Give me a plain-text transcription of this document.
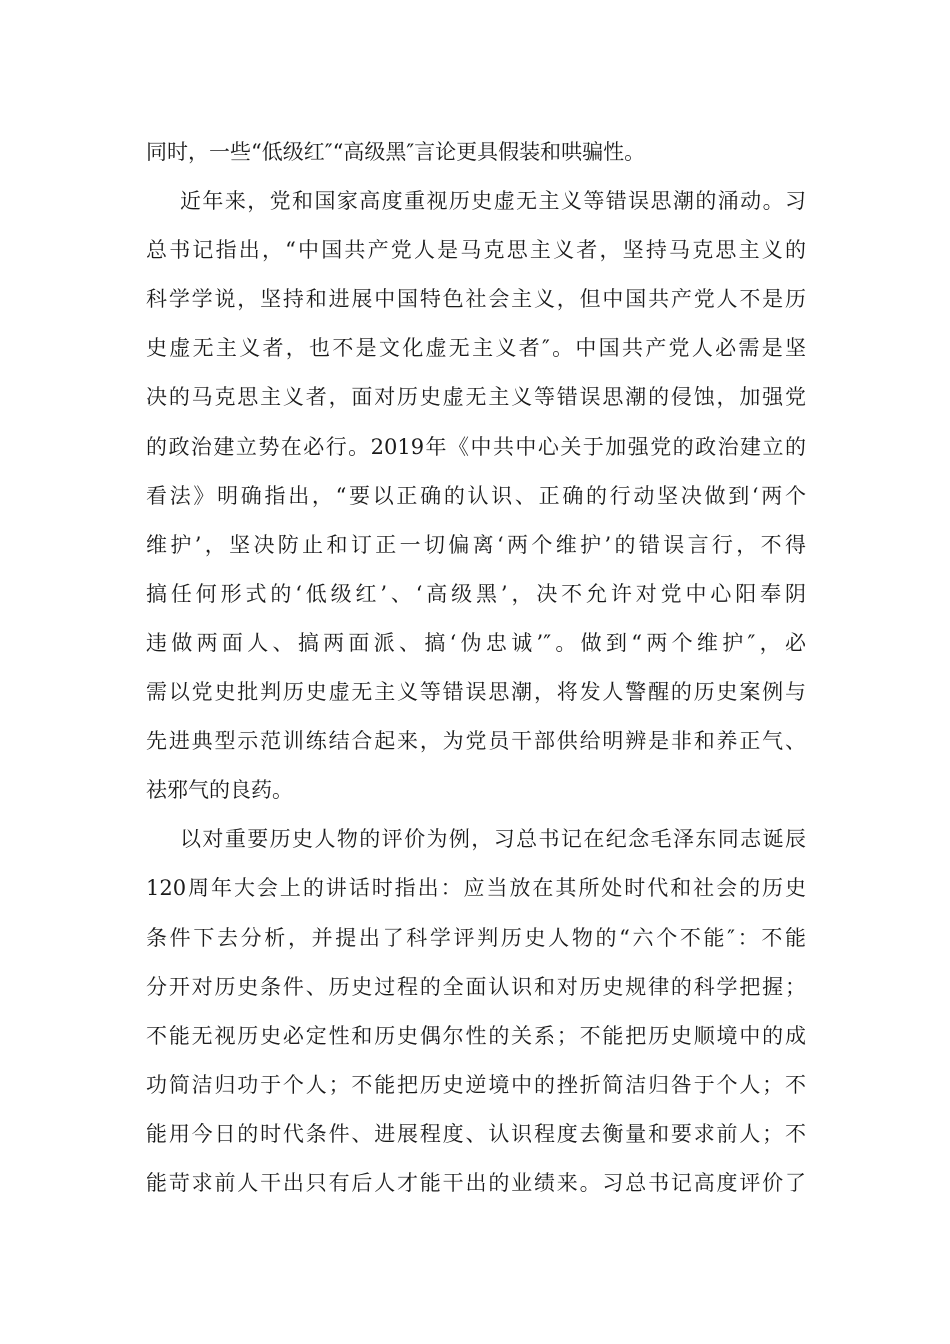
同时，一些“低级红″“高级黑″言论更具假装和哄骗性。
近年来，党和国家高度重视历史虚无主义等错误思潮的涌动。习
总书记指出，“中国共产党人是马克思主义者，坚持马克思主义的
科学学说，坚持和进展中国特色社会主义，但中国共产党人不是历
史虚无主义者，也不是文化虚无主义者″。中国共产党人必需是坚
决的马克思主义者，面对历史虚无主义等错误思潮的侵蚀，加强党
的政治建立势在必行。2019年《中共中心关于加强党的政治建立的
看法》明确指出，“要以正确的认识、正确的行动坚决做到‘两个
维护’，坚决防止和订正一切偏离‘两个维护’的错误言行，不得
搞任何形式的‘低级红’、‘高级黑’，决不允许对党中心阳奉阴
违做两面人、搞两面派、搞‘伪忠诚’″。做到“两个维护″，必
需以党史批判历史虚无主义等错误思潮，将发人警醒的历史案例与
先进典型示范训练结合起来，为党员干部供给明辨是非和养正气、
祛邪气的良药。
以对重要历史人物的评价为例，习总书记在纪念毛泽东同志诞辰
120周年大会上的讲话时指出：应当放在其所处时代和社会的历史
条件下去分析，并提出了科学评判历史人物的“六个不能″：不能
分开对历史条件、历史过程的全面认识和对历史规律的科学把握；
不能无视历史必定性和历史偶尔性的关系；不能把历史顺境中的成
功简洁归功于个人；不能把历史逆境中的挫折简洁归咎于个人；不
能用今日的时代条件、进展程度、认识程度去衡量和要求前人；不
能苛求前人干出只有后人才能干出的业绩来。习总书记高度评价了
